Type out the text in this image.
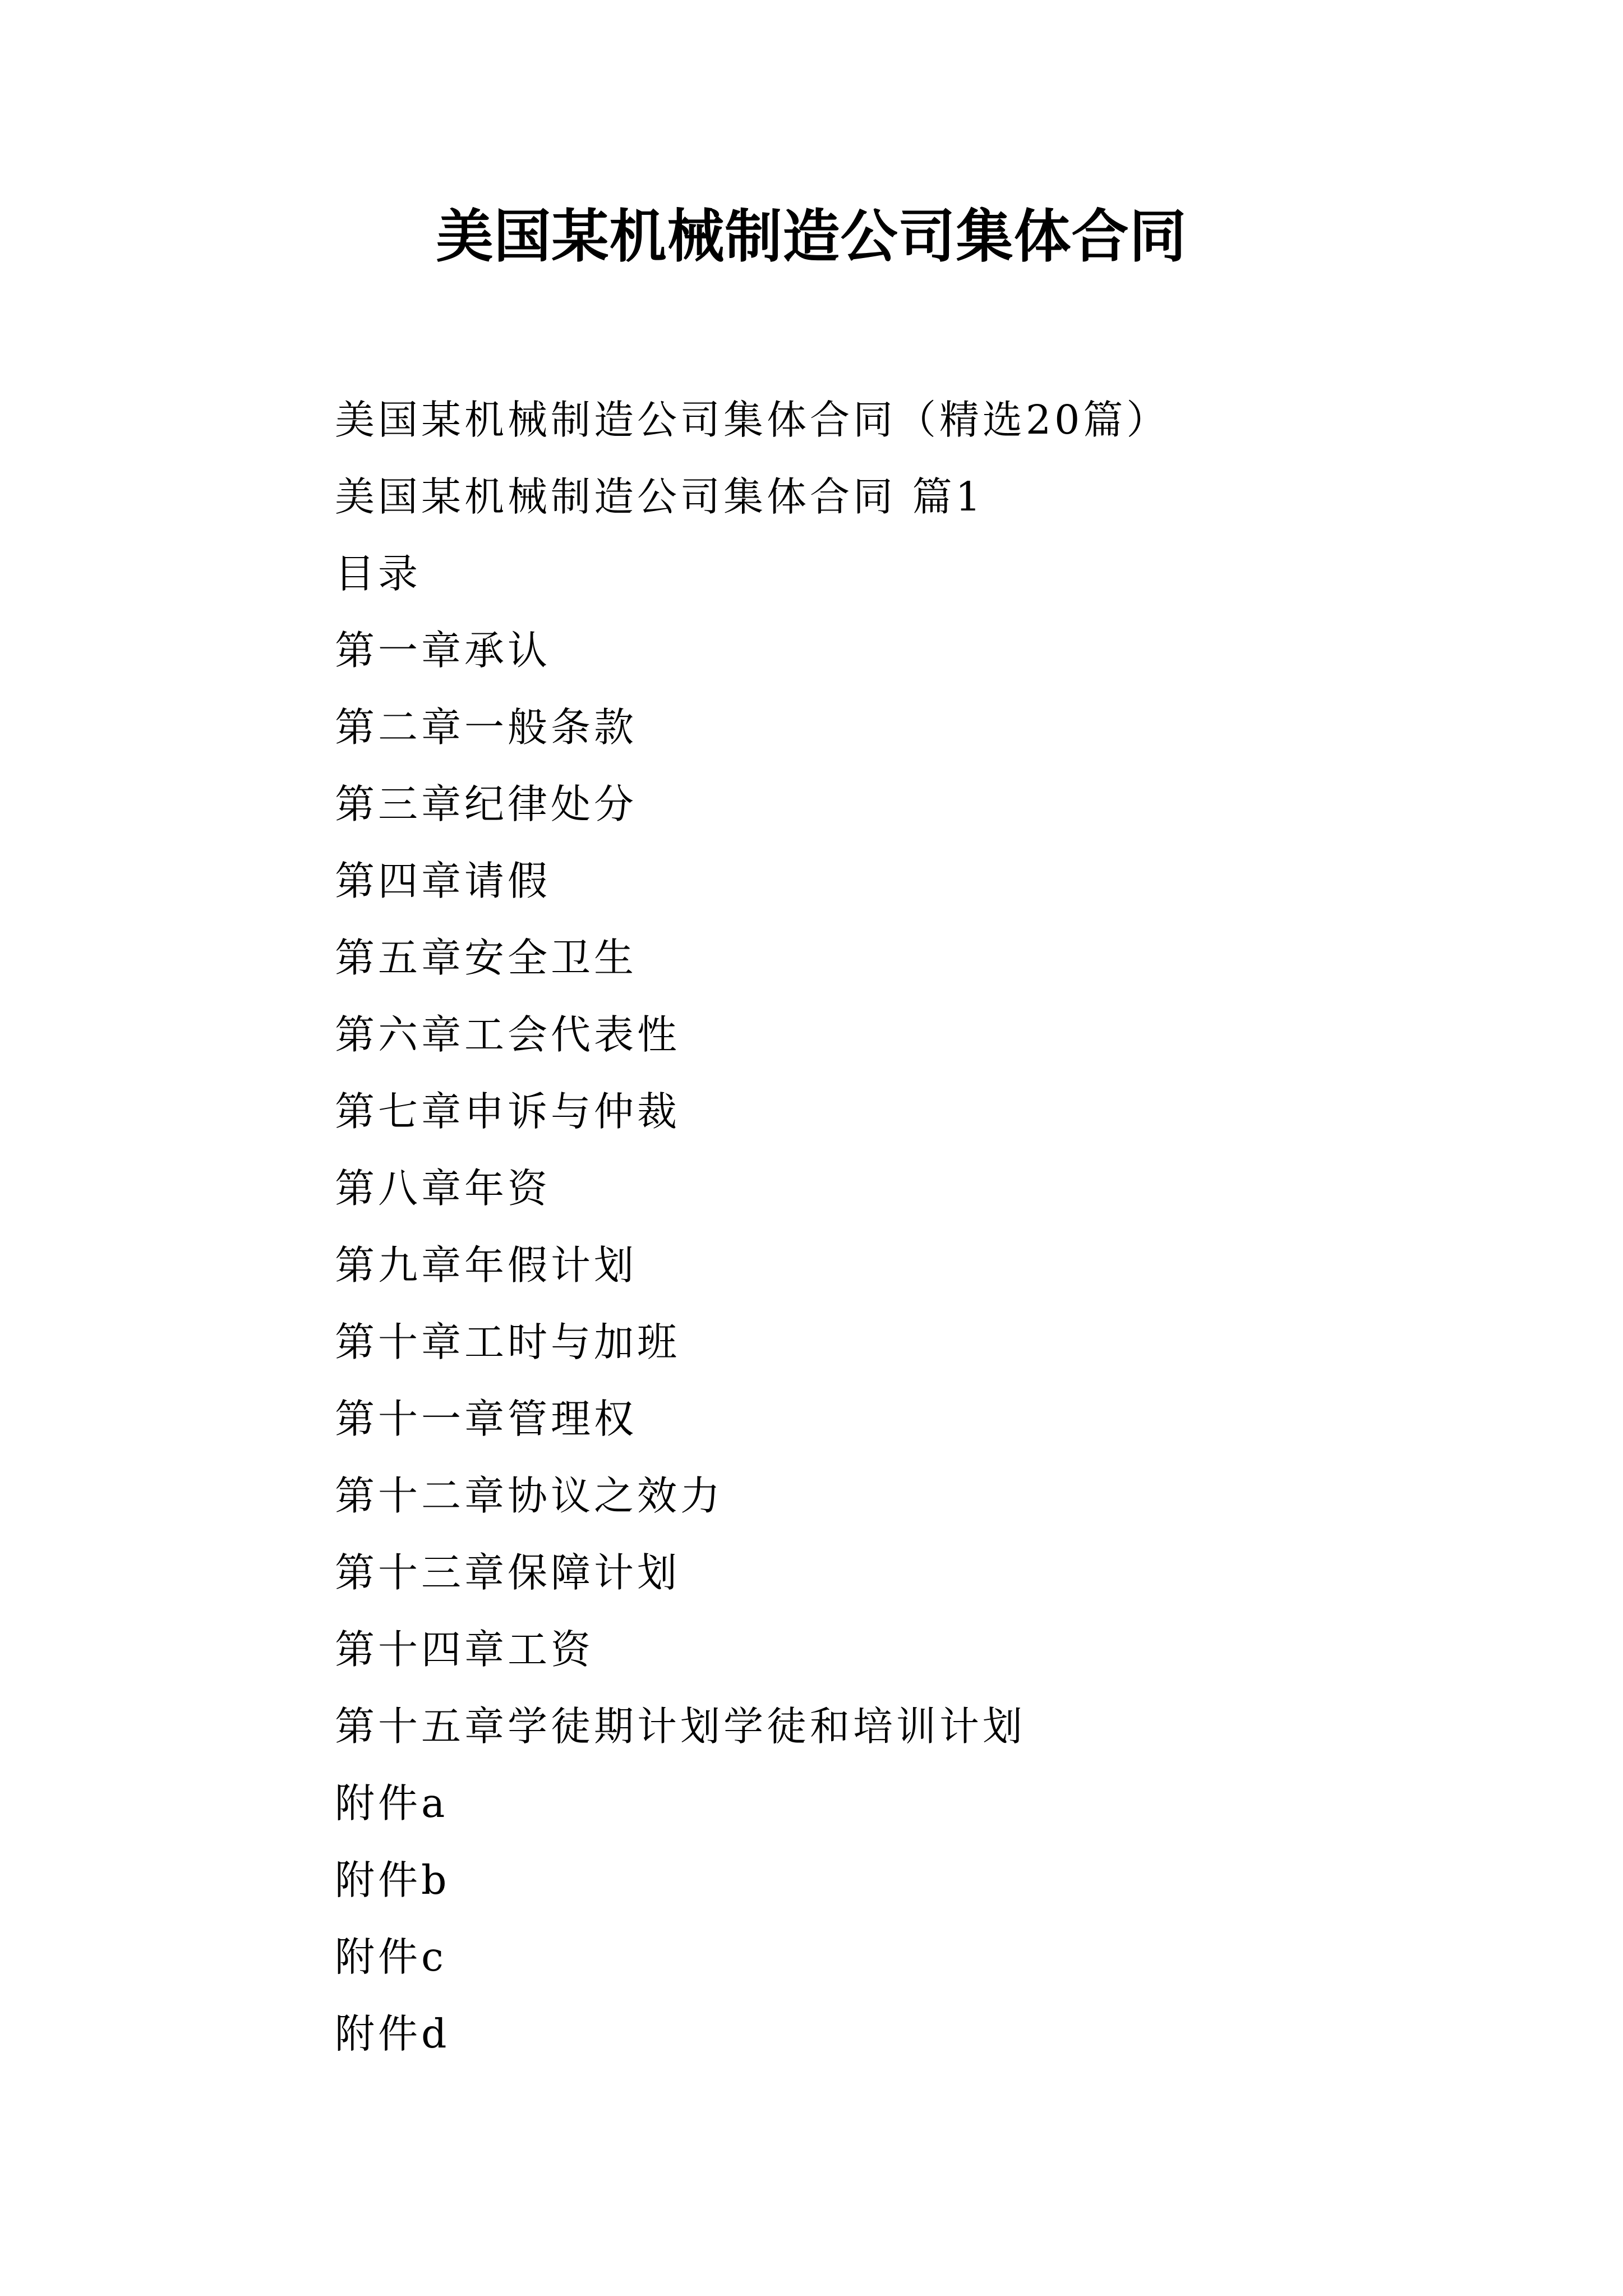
美国某机械制造公司集体合同
美国某机械制造公司集体合同（精选20篇）
美国某机械制造公司集体合同 篇1
目录
第一章承认
第二章一般条款
第三章纪律处分
第四章请假
第五章安全卫生
第六章工会代表性
第七章申诉与仲裁
第八章年资
第九章年假计划
第十章工时与加班
第十一章管理权
第十二章协议之效力
第十三章保障计划
第十四章工资
第十五章学徒期计划学徒和培训计划
附件a
附件b
附件c
附件d
